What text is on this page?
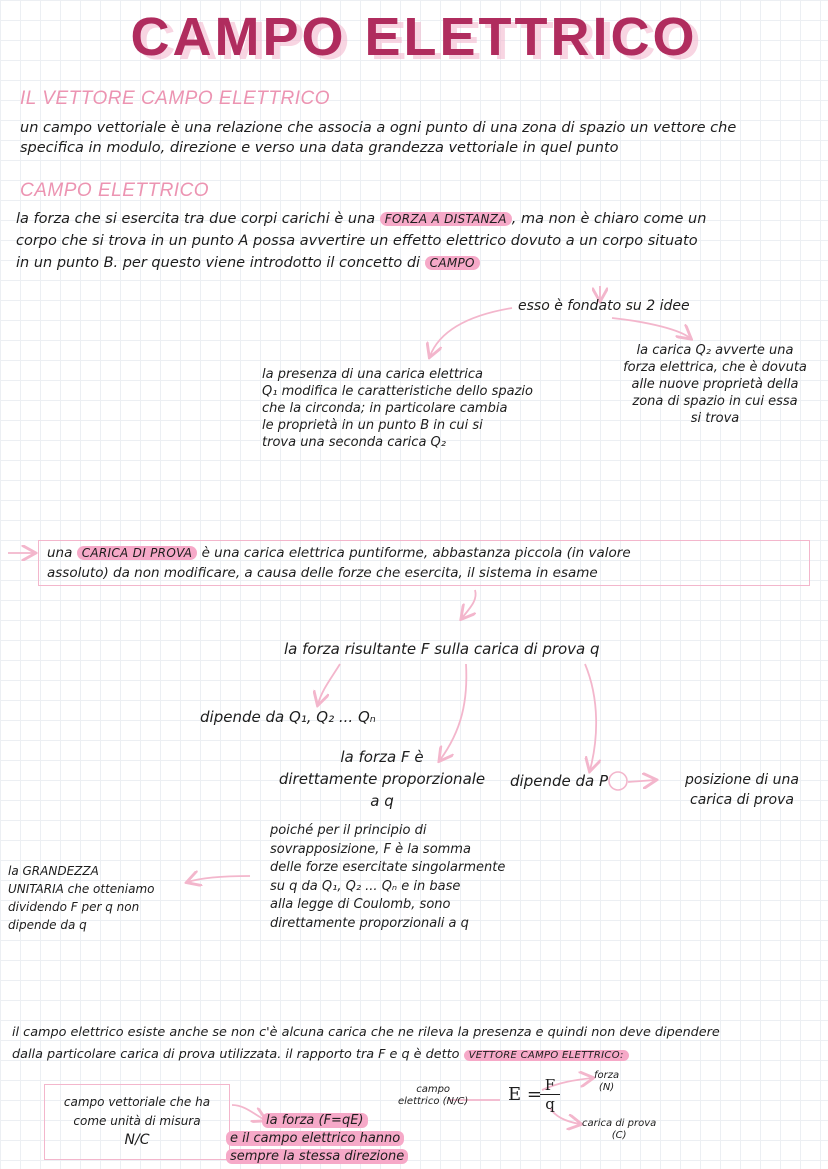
CAMPO ELETTRICO
IL VETTORE CAMPO ELETTRICO
un campo vettoriale è una relazione che associa a ogni punto di una zona di spazio un vettore che
specifica in modulo, direzione e verso una data grandezza vettoriale in quel punto
CAMPO ELETTRICO
la forza che si esercita tra due corpi carichi è una FORZA A DISTANZA , ma non è chiaro come un
corpo che si trova in un punto A possa avvertire un effetto elettrico dovuto a un corpo situato
in un punto B. per questo viene introdotto il concetto di CAMPO
esso è fondato su 2 idee
la presenza di una carica elettrica
Q₁ modifica le caratteristiche dello spazio
che la circonda; in particolare cambia
le proprietà in un punto B in cui si
trova una seconda carica Q₂
la carica Q₂ avverte una
forza elettrica, che è dovuta
alle nuove proprietà della
zona di spazio in cui essa
si trova
una CARICA DI PROVA è una carica elettrica puntiforme, abbastanza piccola (in valore
assoluto) da non modificare, a causa delle forze che esercita, il sistema in esame
la forza risultante F sulla carica di prova q
dipende da Q₁, Q₂ ... Qₙ
la forza F è
direttamente proporzionale
a q
dipende da P	posizione di una
carica di prova
poiché per il principio di
sovrapposizione, F è la somma
delle forze esercitate singolarmente
su q da Q₁, Q₂ ... Qₙ e in base
alla legge di Coulomb, sono
direttamente proporzionali a q
la GRANDEZZA
UNITARIA che otteniamo
dividendo F per q non
dipende da q
il campo elettrico esiste anche se non c'è alcuna carica che ne rileva la presenza e quindi non deve dipendere
dalla particolare carica di prova utilizzata. il rapporto tra F e q è detto VETTORE CAMPO ELETTRICO:
campo vettoriale che ha
come unità di misura
N/C
la forza (F=qE)
e il campo elettrico hanno
sempre la stessa direzione
campo
elettrico (N/C) E =
$\frac{F}{q}$
forza
(N)
carica di prova
(C)
